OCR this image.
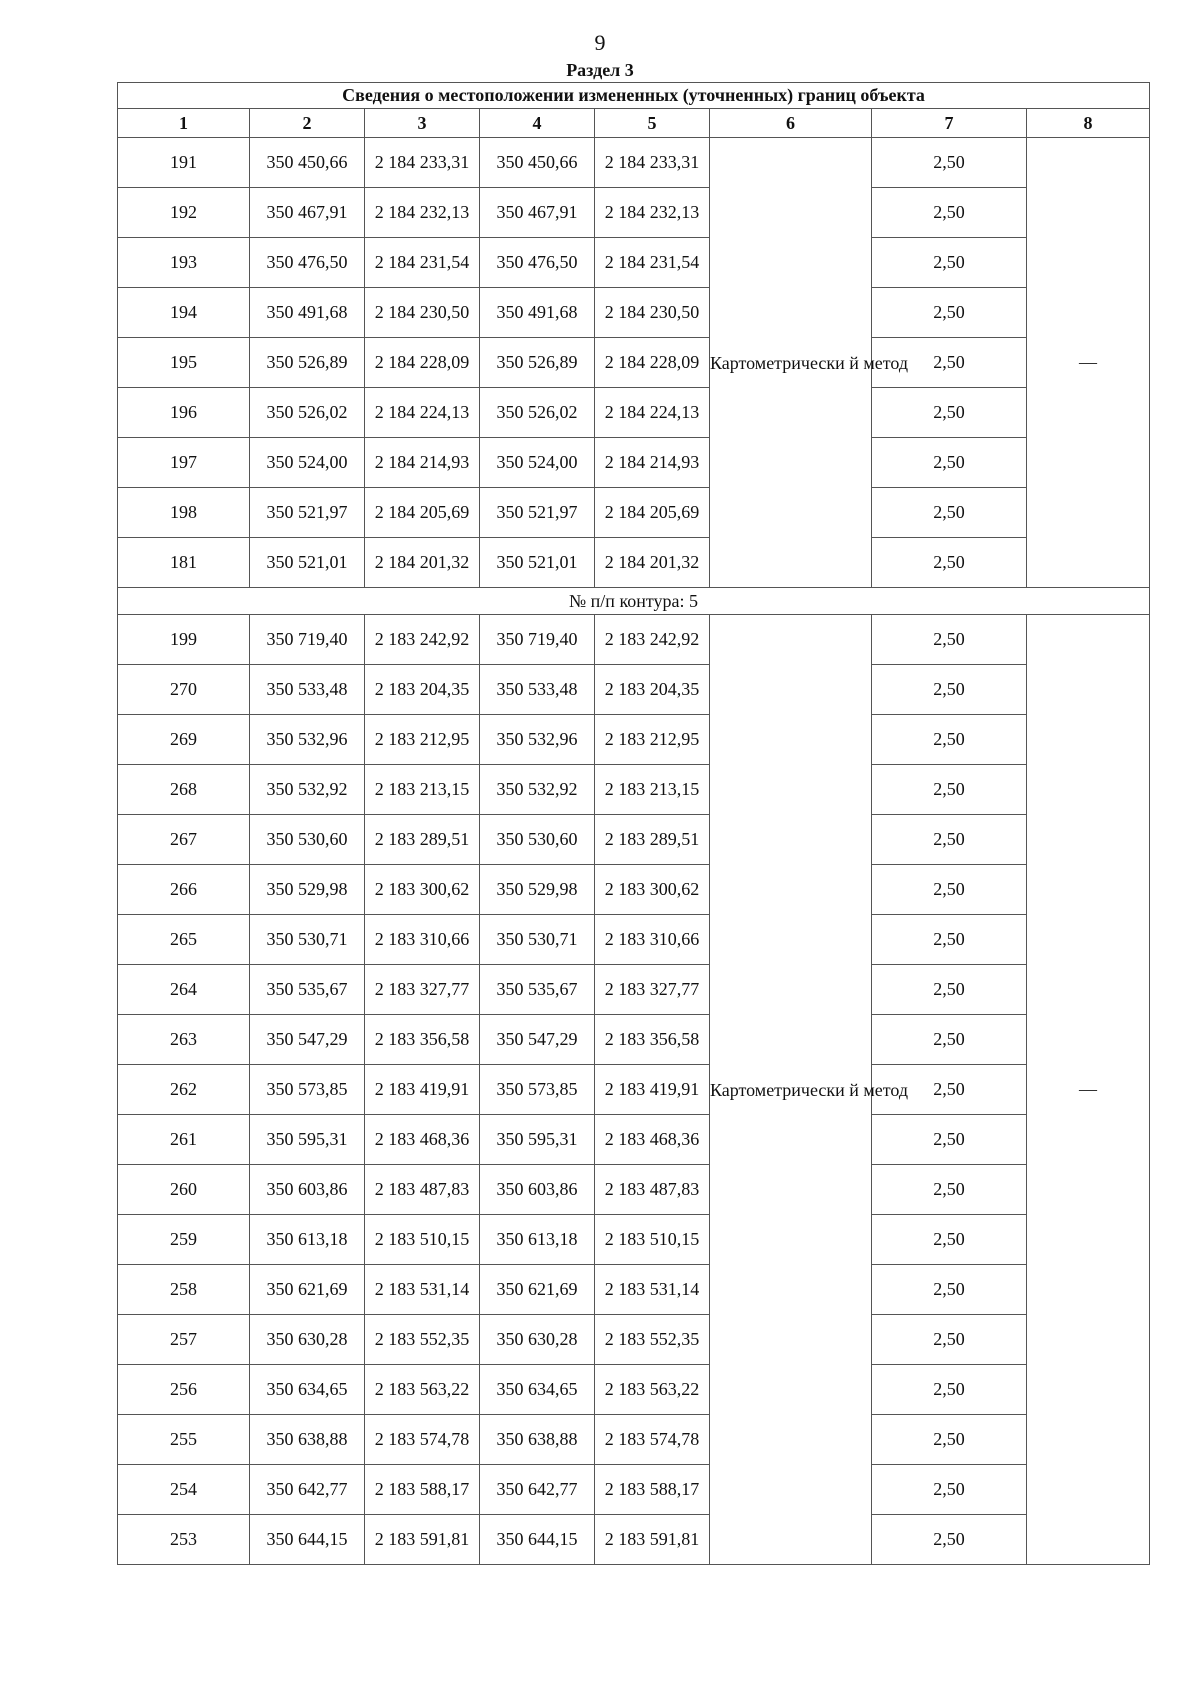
9
Раздел 3
Сведения о местоположении измененных (уточненных) границ объекта							
1	2	3	4	5	6	7	8
191	350 450,66	2 184 233,31	350 450,66	2 184 233,31	Картометрически й метод	2,50	—
192	350 467,91	2 184 232,13	350 467,91	2 184 232,13		2,50	
193	350 476,50	2 184 231,54	350 476,50	2 184 231,54		2,50	
194	350 491,68	2 184 230,50	350 491,68	2 184 230,50		2,50	
195	350 526,89	2 184 228,09	350 526,89	2 184 228,09		2,50	
196	350 526,02	2 184 224,13	350 526,02	2 184 224,13		2,50	
197	350 524,00	2 184 214,93	350 524,00	2 184 214,93		2,50	
198	350 521,97	2 184 205,69	350 521,97	2 184 205,69		2,50	
181	350 521,01	2 184 201,32	350 521,01	2 184 201,32		2,50	
№ п/п контура: 5							
199	350 719,40	2 183 242,92	350 719,40	2 183 242,92	Картометрически й метод	2,50	—
270	350 533,48	2 183 204,35	350 533,48	2 183 204,35		2,50	
269	350 532,96	2 183 212,95	350 532,96	2 183 212,95		2,50	
268	350 532,92	2 183 213,15	350 532,92	2 183 213,15		2,50	
267	350 530,60	2 183 289,51	350 530,60	2 183 289,51		2,50	
266	350 529,98	2 183 300,62	350 529,98	2 183 300,62		2,50	
265	350 530,71	2 183 310,66	350 530,71	2 183 310,66		2,50	
264	350 535,67	2 183 327,77	350 535,67	2 183 327,77		2,50	
263	350 547,29	2 183 356,58	350 547,29	2 183 356,58		2,50	
262	350 573,85	2 183 419,91	350 573,85	2 183 419,91		2,50	
261	350 595,31	2 183 468,36	350 595,31	2 183 468,36		2,50	
260	350 603,86	2 183 487,83	350 603,86	2 183 487,83		2,50	
259	350 613,18	2 183 510,15	350 613,18	2 183 510,15		2,50	
258	350 621,69	2 183 531,14	350 621,69	2 183 531,14		2,50	
257	350 630,28	2 183 552,35	350 630,28	2 183 552,35		2,50	
256	350 634,65	2 183 563,22	350 634,65	2 183 563,22		2,50	
255	350 638,88	2 183 574,78	350 638,88	2 183 574,78		2,50	
254	350 642,77	2 183 588,17	350 642,77	2 183 588,17		2,50	
253	350 644,15	2 183 591,81	350 644,15	2 183 591,81		2,50	
